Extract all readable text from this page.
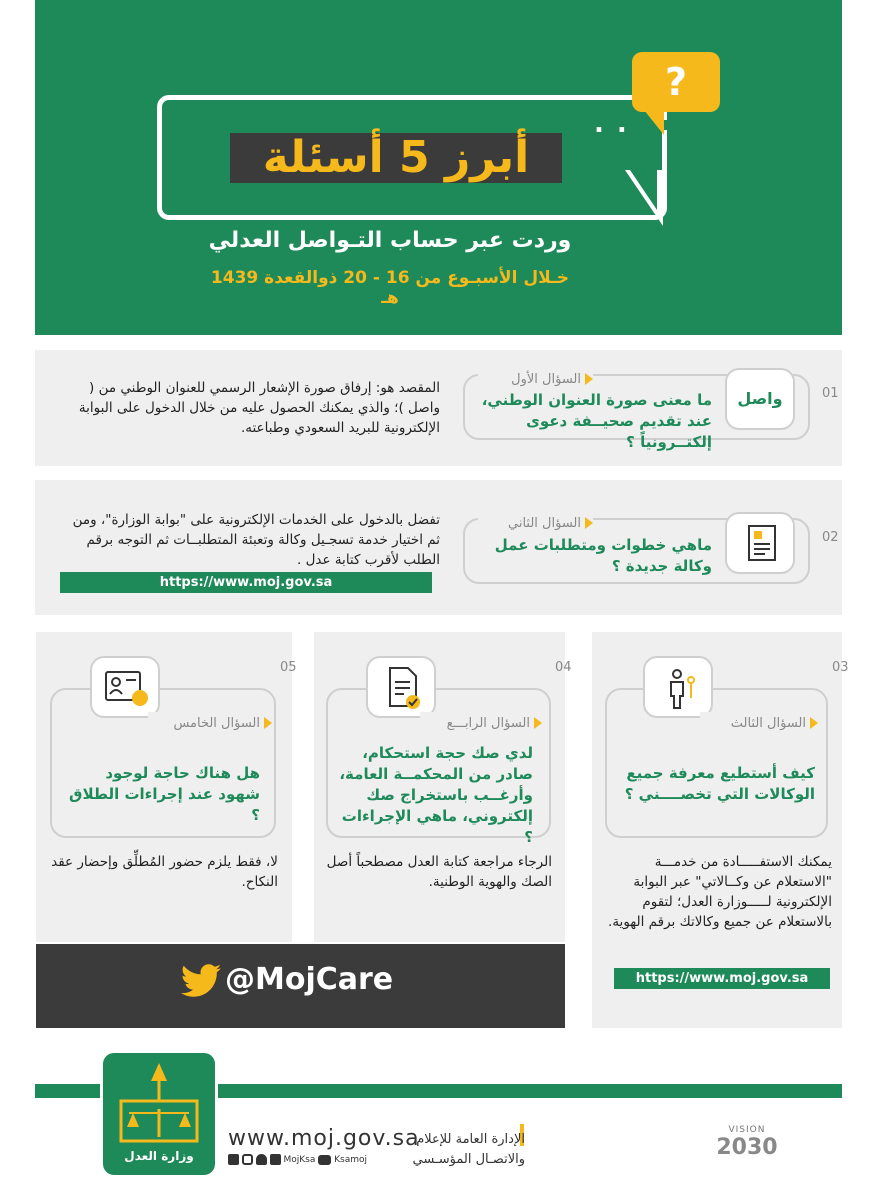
. .
?
أبرز 5 أسئلة
وردت عبر حساب التـواصل العدلي
خـلال الأسبـوع من 16 - 20 ذوالقعدة 1439 هـ
01
السؤال الأول
واصل
ما معنى صورة العنوان الوطني، عند تقديم صحيــفة دعوى إلكتــرونياً ؟
المقصد هو: إرفاق صورة الإشعار الرسمي للعنوان الوطني من ( واصل )؛ والذي يمكنك الحصول عليه من خلال الدخول على البوابة الإلكترونية للبريد السعودي وطباعته.
02
السؤال الثاني
ماهي خطوات ومتطلبات عمل وكالة جديدة ؟
تفضل بالدخول على الخدمات الإلكترونية على "بوابة الوزارة"، ومن ثم اختيار خدمة تسجـيل وكالة وتعبئة المتطلبــات ثم التوجه برقم الطلب لأقرب كتابة عدل .
https://www.moj.gov.sa
03
السؤال الثالث
كيف أستطيع معرفة جميع الوكالات التي تخصــــني ؟
يمكنك الاستفـــــادة من خدمـــة "الاستعلام عن وكــالاتي" عبر البوابة الإلكترونية لـــــوزارة العدل؛ لتقوم بالاستعلام عن جميع وكالاتك برقم الهوية.
https://www.moj.gov.sa
04
السؤال الرابـــع
لدي صك حجة استحكام، صادر من المحكمــة العامة، وأرغــب باستخراج صك إلكتروني، ماهي الإجراءات ؟
الرجاء مراجعة كتابة العدل مصطحباً أصل الصك والهوية الوطنية.
05
السؤال الخامس
هل هناك حاجة لوجود شهود عند إجراءات الطلاق ؟
لا، فقط يلزم حضور المُطلِّق وإحضار عقد النكاح.
@MojCare
وزارة العدل
www.moj.gov.sa
MojKsa Ksamoj
الإدارة العامة للإعلام
والاتصـال المؤسـسي
VISION
2030
